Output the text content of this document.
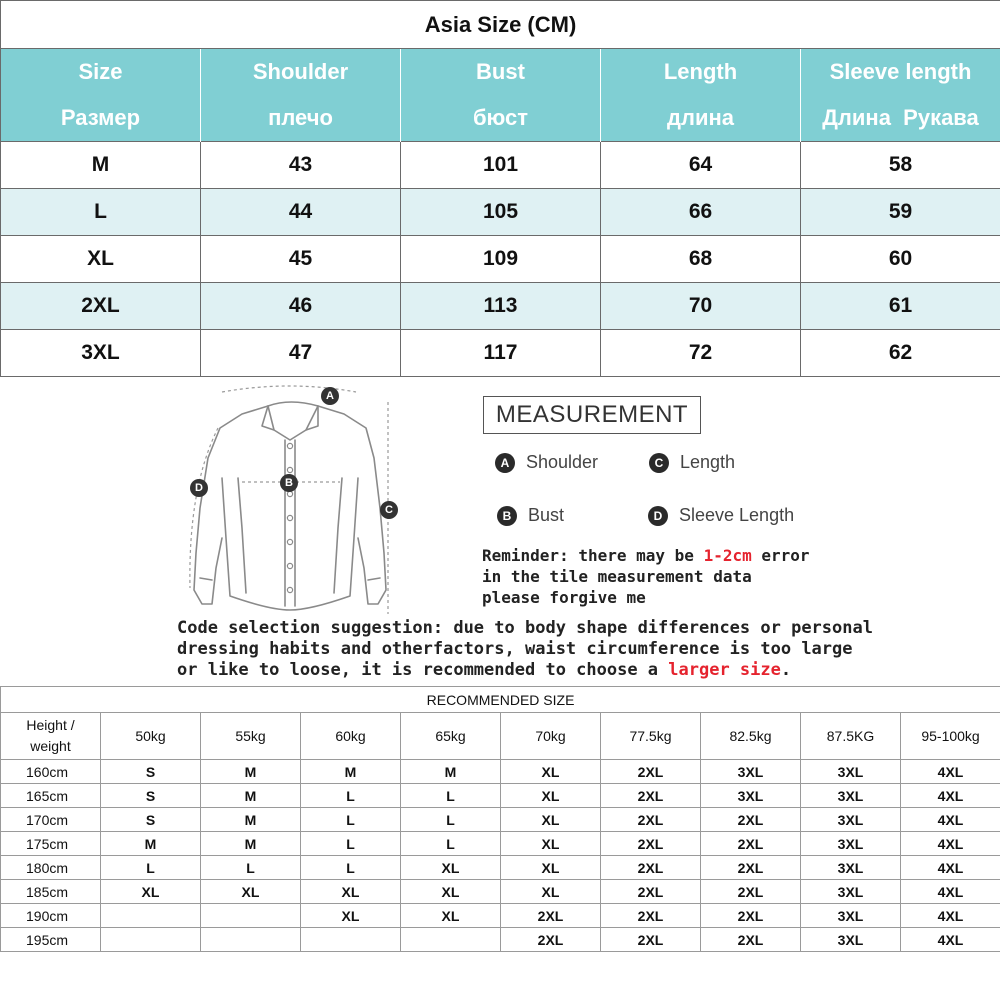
Asia Size (CM)				
Size	Shoulder	Bust	Length	Sleeve length
Размер	плечо	бюст	длина	Длина  Рукава
M	43	101	64	58
L	44	105	66	59
XL	45	109	68	60
2XL	46	113	70	61
3XL	47	117	72	62
A
B
C
D
MEASUREMENT
A Shoulder	C Length
B Bust	D Sleeve Length
Reminder: there may be 1-2cm error
in the tile measurement data
please forgive me
Code selection suggestion: due to body shape differences or personal
dressing habits and otherfactors, waist circumference is too large
or like to loose, it is recommended to choose a larger size.
RECOMMENDED SIZE									
Height /
weight	50kg	55kg	60kg	65kg	70kg	77.5kg	82.5kg	87.5KG	95-100kg
160cm	S	M	M	M	XL	2XL	3XL	3XL	4XL
165cm	S	M	L	L	XL	2XL	3XL	3XL	4XL
170cm	S	M	L	L	XL	2XL	2XL	3XL	4XL
175cm	M	M	L	L	XL	2XL	2XL	3XL	4XL
180cm	L	L	L	XL	XL	2XL	2XL	3XL	4XL
185cm	XL	XL	XL	XL	XL	2XL	2XL	3XL	4XL
190cm			XL	XL	2XL	2XL	2XL	3XL	4XL
195cm					2XL	2XL	2XL	3XL	4XL
